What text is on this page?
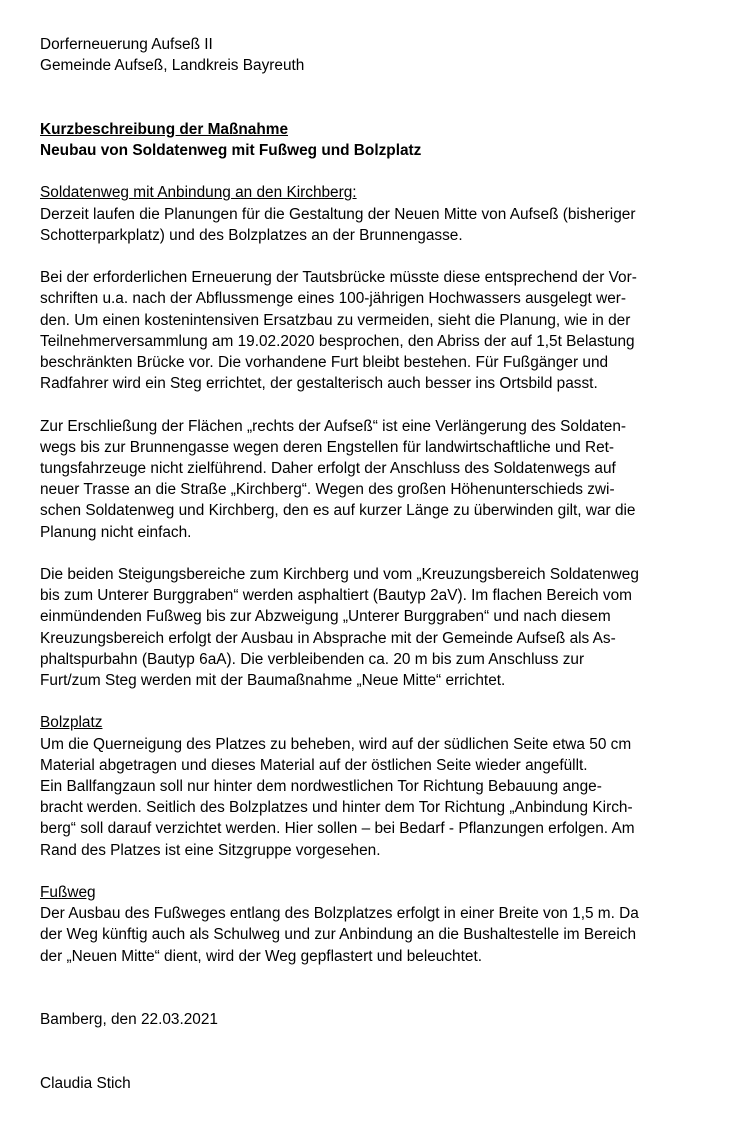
Dorferneuerung Aufseß II
Gemeinde Aufseß, Landkreis Bayreuth
Kurzbeschreibung der Maßnahme
Neubau von Soldatenweg mit Fußweg und Bolzplatz
Soldatenweg mit Anbindung an den Kirchberg:
Derzeit laufen die Planungen für die Gestaltung der Neuen Mitte von Aufseß (bisheriger
Schotterparkplatz) und des Bolzplatzes an der Brunnengasse.
Bei der erforderlichen Erneuerung der Tautsbrücke müsste diese entsprechend der Vor-
schriften u.a. nach der Abflussmenge eines 100-jährigen Hochwassers ausgelegt wer-
den. Um einen kostenintensiven Ersatzbau zu vermeiden, sieht die Planung, wie in der
Teilnehmerversammlung am 19.02.2020 besprochen, den Abriss der auf 1,5t Belastung
beschränkten Brücke vor. Die vorhandene Furt bleibt bestehen. Für Fußgänger und
Radfahrer wird ein Steg errichtet, der gestalterisch auch besser ins Ortsbild passt.
Zur Erschließung der Flächen „rechts der Aufseß“ ist eine Verlängerung des Soldaten-
wegs bis zur Brunnengasse wegen deren Engstellen für landwirtschaftliche und Ret-
tungsfahrzeuge nicht zielführend. Daher erfolgt der Anschluss des Soldatenwegs auf
neuer Trasse an die Straße „Kirchberg“. Wegen des großen Höhenunterschieds zwi-
schen Soldatenweg und Kirchberg, den es auf kurzer Länge zu überwinden gilt, war die
Planung nicht einfach.
Die beiden Steigungsbereiche zum Kirchberg und vom „Kreuzungsbereich Soldatenweg
bis zum Unterer Burggraben“ werden asphaltiert (Bautyp 2aV). Im flachen Bereich vom
einmündenden Fußweg bis zur Abzweigung „Unterer Burggraben“ und nach diesem
Kreuzungsbereich erfolgt der Ausbau in Absprache mit der Gemeinde Aufseß als As-
phaltspurbahn (Bautyp 6aA). Die verbleibenden ca. 20 m bis zum Anschluss zur
Furt/zum Steg werden mit der Baumaßnahme „Neue Mitte“ errichtet.
Bolzplatz
Um die Querneigung des Platzes zu beheben, wird auf der südlichen Seite etwa 50 cm
Material abgetragen und dieses Material auf der östlichen Seite wieder angefüllt.
Ein Ballfangzaun soll nur hinter dem nordwestlichen Tor Richtung Bebauung ange-
bracht werden. Seitlich des Bolzplatzes und hinter dem Tor Richtung „Anbindung Kirch-
berg“ soll darauf verzichtet werden. Hier sollen – bei Bedarf - Pflanzungen erfolgen. Am
Rand des Platzes ist eine Sitzgruppe vorgesehen.
Fußweg
Der Ausbau des Fußweges entlang des Bolzplatzes erfolgt in einer Breite von 1,5 m. Da
der Weg künftig auch als Schulweg und zur Anbindung an die Bushaltestelle im Bereich
der „Neuen Mitte“ dient, wird der Weg gepflastert und beleuchtet.
Bamberg, den 22.03.2021
Claudia Stich
